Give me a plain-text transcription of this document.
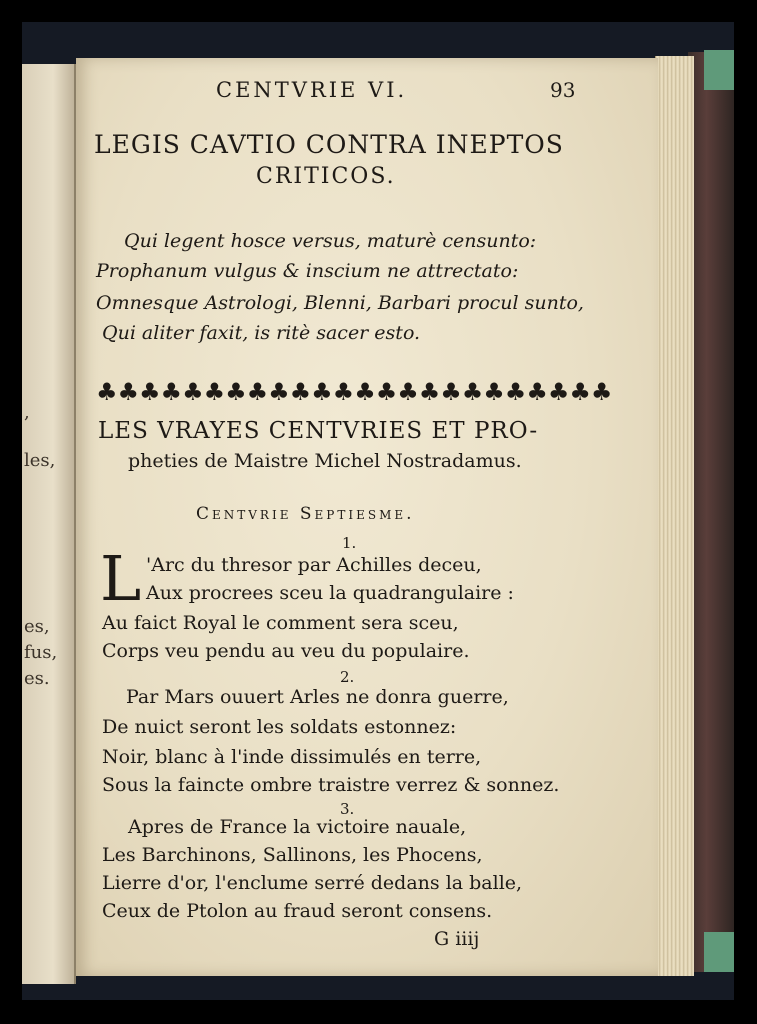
,
les,
es,
fus,
es.
CENTVRIE VI.	93
LEGIS CAVTIO CONTRA INEPTOS
CRITICOS.
Qui legent hosce versus, maturè censunto:
Prophanum vulgus & inscium ne attrectato:
Omnesque Astrologi, Blenni, Barbari procul sunto,
Qui aliter faxit, is ritè sacer esto.
♣♣♣♣♣♣♣♣♣♣♣♣♣♣♣♣♣♣♣♣♣♣♣♣
LES VRAYES CENTVRIES ET PRO-
pheties de Maistre Michel Nostradamus.
Centvrie Septiesme.
1.
L 'Arc du thresor par Achilles deceu,
Aux procrees sceu la quadrangulaire :
Au faict Royal le comment sera sceu,
Corps veu pendu au veu du populaire.
2.
Par Mars ouuert Arles ne donra guerre,
De nuict seront les soldats estonnez:
Noir, blanc à l'inde dissimulés en terre,
Sous la faincte ombre traistre verrez & sonnez.
3.
Apres de France la victoire nauale,
Les Barchinons, Sallinons, les Phocens,
Lierre d'or, l'enclume serré dedans la balle,
Ceux de Ptolon au fraud seront consens.
G iiij
